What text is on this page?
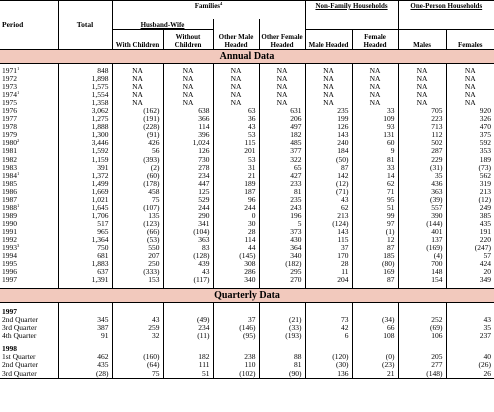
Period	Total	Families$^4$				Non-Family Households		One-Person Households	
		Husband-Wife							
		With Children	Without Children	Other Male Headed	Other Female Headed	Male Headed	Female Headed	Males	Females
Annual Data									

1971$^1$	848	NA	NA	NA	NA	NA	NA	NA	NA
1972	1,898	NA	NA	NA	NA	NA	NA	NA	NA
1973	1,575	NA	NA	NA	NA	NA	NA	NA	NA
1974$^1$	1,554	NA	NA	NA	NA	NA	NA	NA	NA
1975	1,358	NA	NA	NA	NA	NA	NA	NA	NA
1976	3,062	(162)	638	63	631	235	33	705	920
1977	1,275	(191)	366	36	206	199	109	223	326
1978	1,888	(228)	114	43	497	126	93	713	470
1979	1,300	(91)	396	53	182	143	131	112	375
1980$^2$	3,446	426	1,024	115	485	240	60	502	592
1981	1,592	56	126	201	377	184	9	287	353
1982	1,159	(393)	730	53	322	(50)	81	229	189
1983	391	(2)	278	31	65	87	33	(31)	(73)
1984$^1$	1,372	(60)	234	21	427	142	14	35	562
1985	1,499	(178)	447	189	233	(12)	62	436	319
1986	1,669	458	125	187	81	(71)	71	363	213
1987	1,021	75	529	96	235	43	95	(39)	(12)
1988$^1$	1,645	(107)	244	244	243	62	51	557	249
1989	1,706	135	290	0	196	213	99	390	385
1990	517	(123)	341	30	5	(124)	97	(144)	435
1991	965	(66)	(104)	28	373	143	(1)	401	191
1992	1,364	(53)	363	114	430	115	12	137	220
1993$^3$	750	550	83	44	364	37	87	(169)	(247)
1994	681	207	(128)	(145)	340	170	185	(4)	57
1995	1,883	250	439	308	(182)	28	(80)	700	424
1996	637	(333)	43	286	295	11	169	148	20
1997	1,391	153	(117)	340	270	204	87	154	349

Quarterly Data									

1997									
2nd Quarter	345	43	(49)	37	(21)	73	(34)	252	43
3rd Quarter	387	259	234	(146)	(33)	42	66	(69)	35
4th Quarter	91	32	(11)	(95)	(193)	6	108	106	237

1998									
1st Quarter	462	(160)	182	238	88	(120)	(0)	205	40
2nd Quarter	435	(64)	111	110	81	(30)	(23)	277	(26)
3rd Quarter	(28)	75	51	(102)	(90)	136	21	(148)	26
